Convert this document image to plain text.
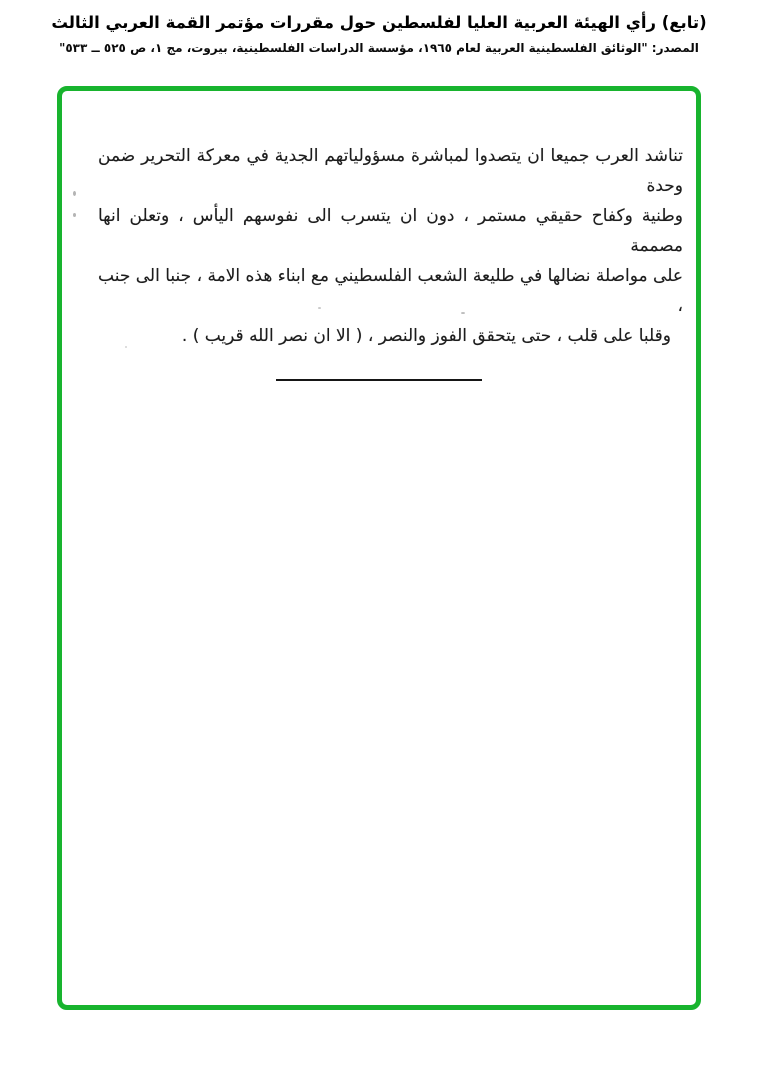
(تابع) رأي الهيئة العربية العليا لفلسطين حول مقررات مؤتمر القمة العربي الثالث
المصدر: "الوثائق الفلسطينية العربية لعام ١٩٦٥، مؤسسة الدراسات الفلسطينية، بيروت، مج ١، ص ٥٢٥ ــ ٥٣٣"
تناشد العرب جميعا ان يتصدوا لمباشرة مسؤولياتهم الجدية في معركة التحرير ضمن وحدة
وطنية وكفاح حقيقي مستمر ، دون ان يتسرب الى نفوسهم اليأس ، وتعلن انها مصممة
على مواصلة نضالها في طليعة الشعب الفلسطيني مع ابناء هذه الامة ، جنبا الى جنب ،
وقلبا على قلب ، حتى يتحقق الفوز والنصر ، ( الا ان نصر الله قريب ) .
